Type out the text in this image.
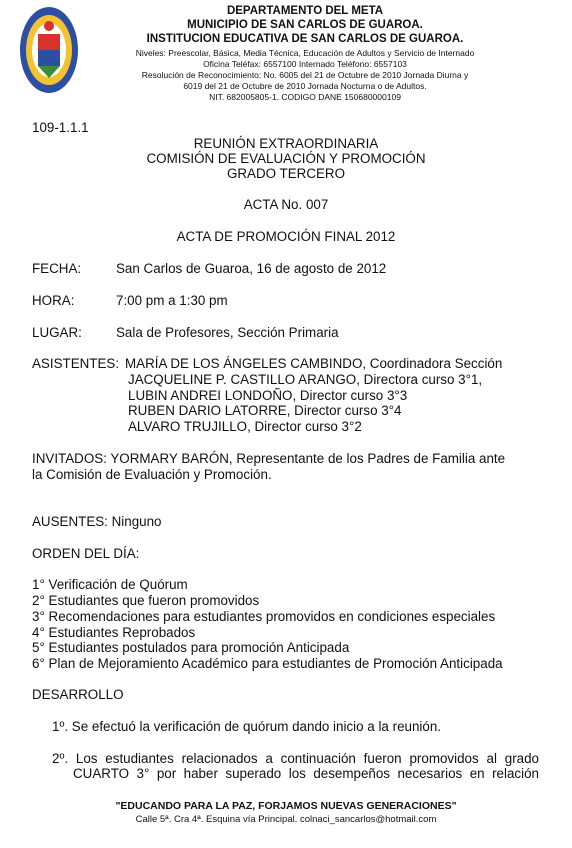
DEPARTAMENTO DEL META
MUNICIPIO DE SAN CARLOS DE GUAROA.
INSTITUCION EDUCATIVA DE SAN CARLOS DE GUAROA.
Niveles: Preescolar, Básica, Media Técnica, Educación de Adultos y Servicio de Internado
Oficina Teléfax: 6557100 Internado Teléfono: 6557103
Resolución de Reconocimiento: No. 6005 del 21 de Octubre de 2010 Jornada Diurna y
6019 del 21 de Octubre de 2010 Jornada Nocturna o de Adultos.
NIT. 682005805-1. CODIGO DANE 150680000109
109-1.1.1
REUNIÓN EXTRAORDINARIA
COMISIÓN DE EVALUACIÓN Y PROMOCIÓN
GRADO TERCERO
ACTA No. 007
ACTA DE PROMOCIÓN FINAL 2012
FECHA:	San Carlos de Guaroa, 16 de agosto de 2012
HORA:	7:00 pm a 1:30 pm
LUGAR:	Sala de Profesores, Sección Primaria
ASISTENTES: MARÍA DE LOS ÁNGELES CAMBINDO, Coordinadora Sección
JACQUELINE P. CASTILLO ARANGO, Directora curso 3°1,
LUBIN ANDREI LONDOÑO, Director curso 3°3
RUBEN DARIO LATORRE, Director curso 3°4
ALVARO TRUJILLO, Director curso 3°2
INVITADOS: YORMARY BARÓN, Representante de los Padres de Familia ante
la Comisión de Evaluación y Promoción.
AUSENTES: Ninguno
ORDEN DEL DÍA:
1° Verificación de Quórum
2° Estudiantes que fueron promovidos
3° Recomendaciones para estudiantes promovidos en condiciones especiales
4° Estudiantes Reprobados
5° Estudiantes postulados para promoción Anticipada
6° Plan de Mejoramiento Académico para estudiantes de Promoción Anticipada
DESARROLLO
1º. Se efectuó la verificación de quórum dando inicio a la reunión.
2º. Los estudiantes relacionados a continuación fueron promovidos al grado
CUARTO 3° por haber superado los desempeños necesarios en relación
"EDUCANDO PARA LA PAZ, FORJAMOS NUEVAS GENERACIONES"
Calle 5ª. Cra 4ª. Esquina vía Principal. colnaci_sancarlos@hotmail.com
